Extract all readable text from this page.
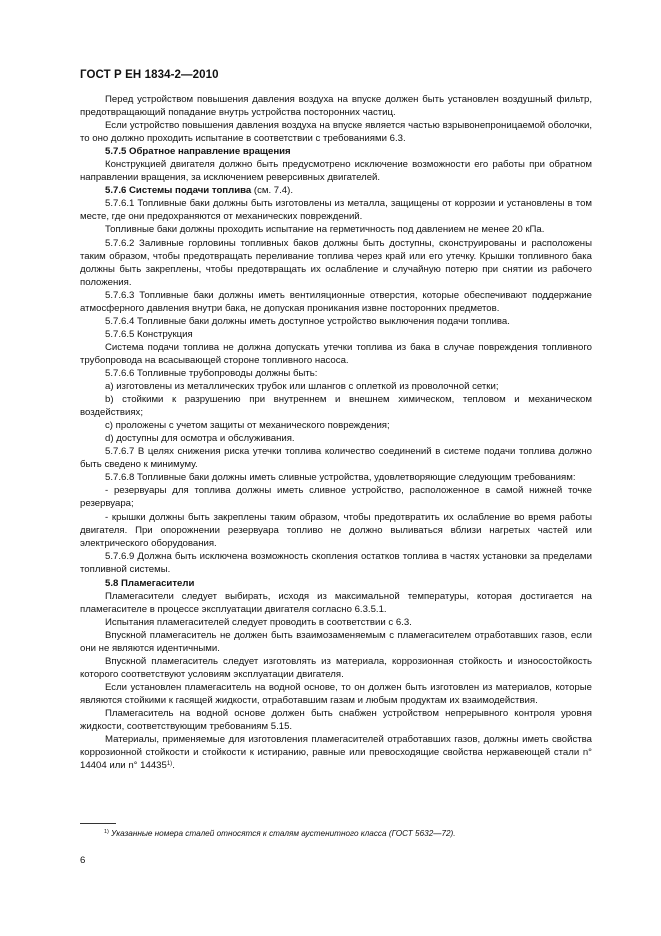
ГОСТ Р ЕН 1834-2—2010

Перед устройством повышения давления воздуха на впуске должен быть установлен воздушный фильтр, предотвращающий попадание внутрь устройства посторонних частиц.

Если устройство повышения давления воздуха на впуске является частью взрывонепроницаемой оболочки, то оно должно проходить испытание в соответствии с требованиями 6.3.

5.7.5 Обратное направление вращения

Конструкцией двигателя должно быть предусмотрено исключение возможности его работы при обратном направлении вращения, за исключением реверсивных двигателей.

5.7.6 Системы подачи топлива (см. 7.4).

5.7.6.1 Топливные баки должны быть изготовлены из металла, защищены от коррозии и установлены в том месте, где они предохраняются от механических повреждений.

Топливные баки должны проходить испытание на герметичность под давлением не менее 20 кПа.

5.7.6.2 Заливные горловины топливных баков должны быть доступны, сконструированы и расположены таким образом, чтобы предотвращать переливание топлива через край или его утечку. Крышки топливного бака должны быть закреплены, чтобы предотвращать их ослабление и случайную потерю при снятии из рабочего положения.

5.7.6.3 Топливные баки должны иметь вентиляционные отверстия, которые обеспечивают поддержание атмосферного давления внутри бака, не допуская проникания извне посторонних предметов.

5.7.6.4 Топливные баки должны иметь доступное устройство выключения подачи топлива.

5.7.6.5 Конструкция

Система подачи топлива не должна допускать утечки топлива из бака в случае повреждения топливного трубопровода на всасывающей стороне топливного насоса.

5.7.6.6 Топливные трубопроводы должны быть:

a) изготовлены из металлических трубок или шлангов с оплеткой из проволочной сетки;

b) стойкими к разрушению при внутреннем и внешнем химическом, тепловом и механическом воздействиях;

c) проложены с учетом защиты от механического повреждения;

d) доступны для осмотра и обслуживания.

5.7.6.7 В целях снижения риска утечки топлива количество соединений в системе подачи топлива должно быть сведено к минимуму.

5.7.6.8 Топливные баки должны иметь сливные устройства, удовлетворяющие следующим требованиям:

- резервуары для топлива должны иметь сливное устройство, расположенное в самой нижней точке резервуара;

- крышки должны быть закреплены таким образом, чтобы предотвратить их ослабление во время работы двигателя. При опорожнении резервуара топливо не должно выливаться вблизи нагретых частей или электрического оборудования.

5.7.6.9 Должна быть исключена возможность скопления остатков топлива в частях установки за пределами топливной системы.

5.8 Пламегасители

Пламегасители следует выбирать, исходя из максимальной температуры, которая достигается на пламегасителе в процессе эксплуатации двигателя согласно 6.3.5.1.

Испытания пламегасителей следует проводить в соответствии с 6.3.

Впускной пламегаситель не должен быть взаимозаменяемым с пламегасителем отработавших газов, если они не являются идентичными.

Впускной пламегаситель следует изготовлять из материала, коррозионная стойкость и износостойкость которого соответствуют условиям эксплуатации двигателя.

Если установлен пламегаситель на водной основе, то он должен быть изготовлен из материалов, которые являются стойкими к гасящей жидкости, отработавшим газам и любым продуктам их взаимодействия.

Пламегаситель на водной основе должен быть снабжен устройством непрерывного контроля уровня жидкости, соответствующим требованиям 5.15.

Материалы, применяемые для изготовления пламегасителей отработавших газов, должны иметь свойства коррозионной стойкости и стойкости к истиранию, равные или превосходящие свойства нержавеющей стали n° 14404 или n° 14435$^{1)}$.

$^{1)}$ Указанные номера сталей относятся к сталям аустенитного класса (ГОСТ 5632—72).
6
